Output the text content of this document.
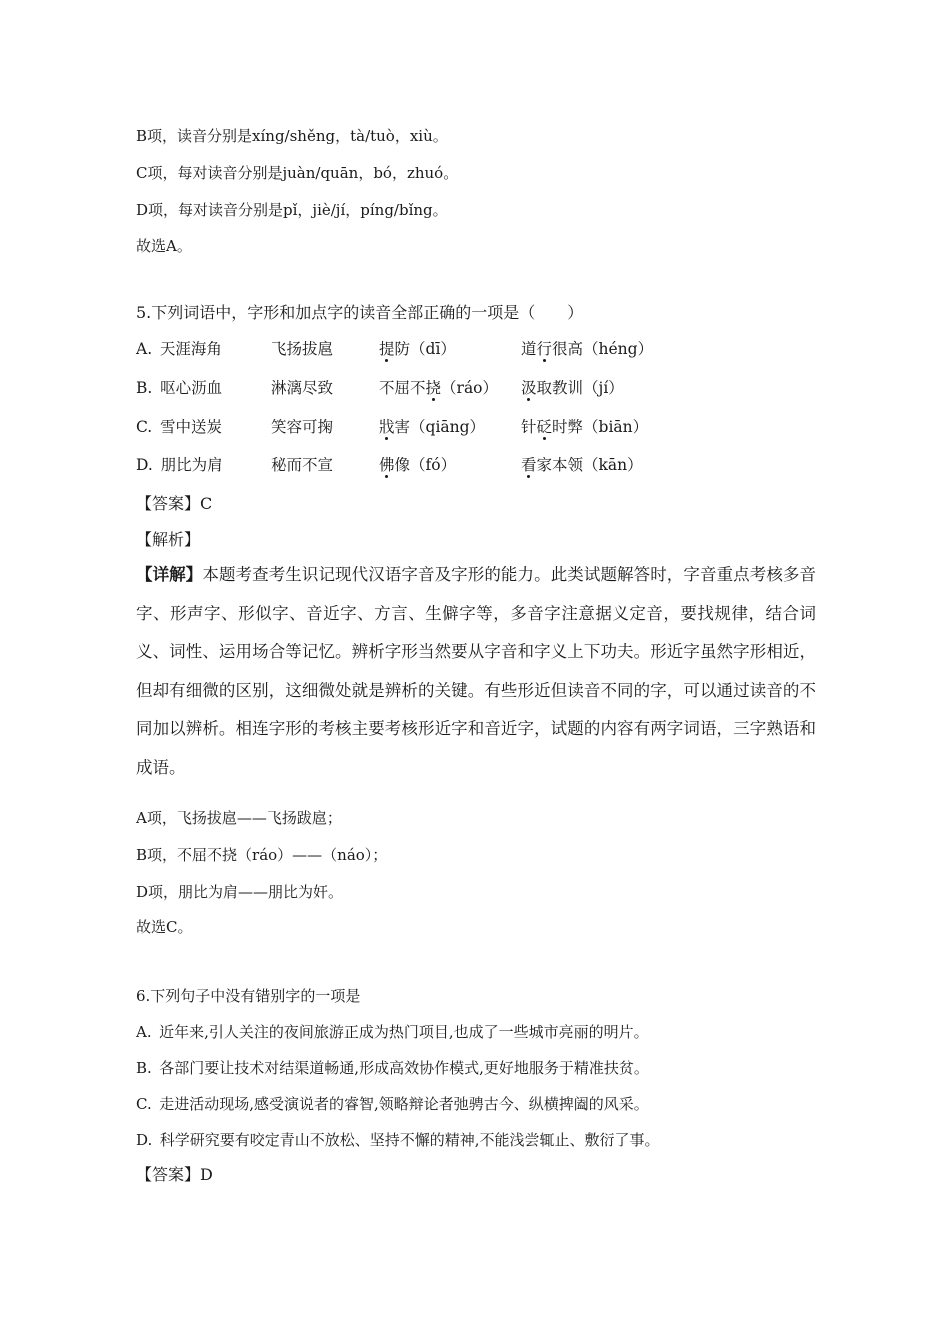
B项，读音分别是xíng/shěng，tà/tuò，xiù。
C项，每对读音分别是juàn/quān，bó，zhuó。
D项，每对读音分别是pǐ，jiè/jí，píng/bǐng。
故选A。
5.下列词语中，字形和加点字的读音全部正确的一项是（　　）
A.  天涯海角	飞扬拔扈	提防（dī）	道行很高（héng）
B.  呕心沥血	淋漓尽致	不屈不挠（ráo） 汲取教训（jí）
C.  雪中送炭	笑容可掬	戕害（qiāng） 针砭时弊（biān）
D.  朋比为肩	秘而不宣	佛像（fó）	看家本领（kān）
【答案】C
【解析】
【详解】本题考查考生识记现代汉语字音及字形的能力。此类试题解答时，字音重点考核多音字、形声字、形似字、音近字、方言、生僻字等，多音字注意据义定音，要找规律，结合词义、词性、运用场合等记忆。辨析字形当然要从字音和字义上下功夫。形近字虽然字形相近，但却有细微的区别，这细微处就是辨析的关键。有些形近但读音不同的字，可以通过读音的不同加以辨析。相连字形的考核主要考核形近字和音近字，试题的内容有两字词语，三字熟语和成语。
A项，飞扬拔扈——飞扬跋扈；
B项，不屈不挠（ráo）——（náo）；
D项，朋比为肩——朋比为奸。
故选C。
6.下列句子中没有错别字的一项是
A.  近年来,引人关注的夜间旅游正成为热门项目,也成了一些城市亮丽的明片。
B.  各部门要让技术对结渠道畅通,形成高效协作模式,更好地服务于精准扶贫。
C.  走进活动现场,感受演说者的睿智,领略辩论者弛骋古今、纵横捭阖的风采。
D.  科学研究要有咬定青山不放松、坚持不懈的精神,不能浅尝辄止、敷衍了事。
【答案】D
